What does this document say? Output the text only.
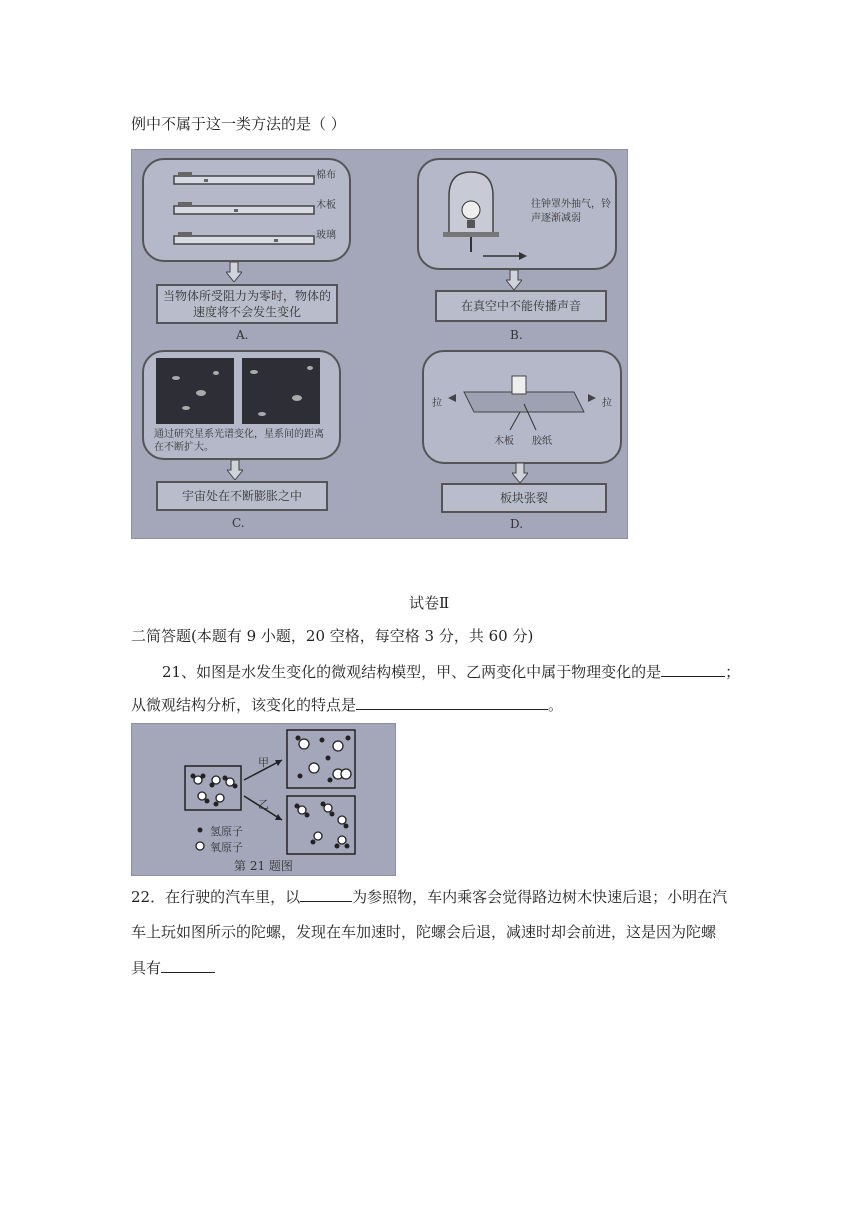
例中不属于这一类方法的是（ ）
棉布
木板
玻璃
当物体所受阻力为零时，物体的速度将不会发生变化
A.
往钟罩外抽气，铃声逐渐减弱
在真空中不能传播声音
B.
通过研究星系光谱变化，星系间的距离在不断扩大。
宇宙处在不断膨胀之中
C.
拉	拉
木板 胶纸
板块张裂
D.
试卷Ⅱ
二简答题(本题有 9 小题，20 空格，每空格 3 分，共 60 分)
21、如图是水发生变化的微观结构模型，甲、乙两变化中属于物理变化的是	；
从微观结构分析，该变化的特点是	。
甲
乙
氢原子
氧原子
第 21 题图
22．在行驶的汽车里，以	为参照物，车内乘客会觉得路边树木快速后退；小明在汽
车上玩如图所示的陀螺，发现在车加速时，陀螺会后退，减速时却会前进，这是因为陀螺
具有
